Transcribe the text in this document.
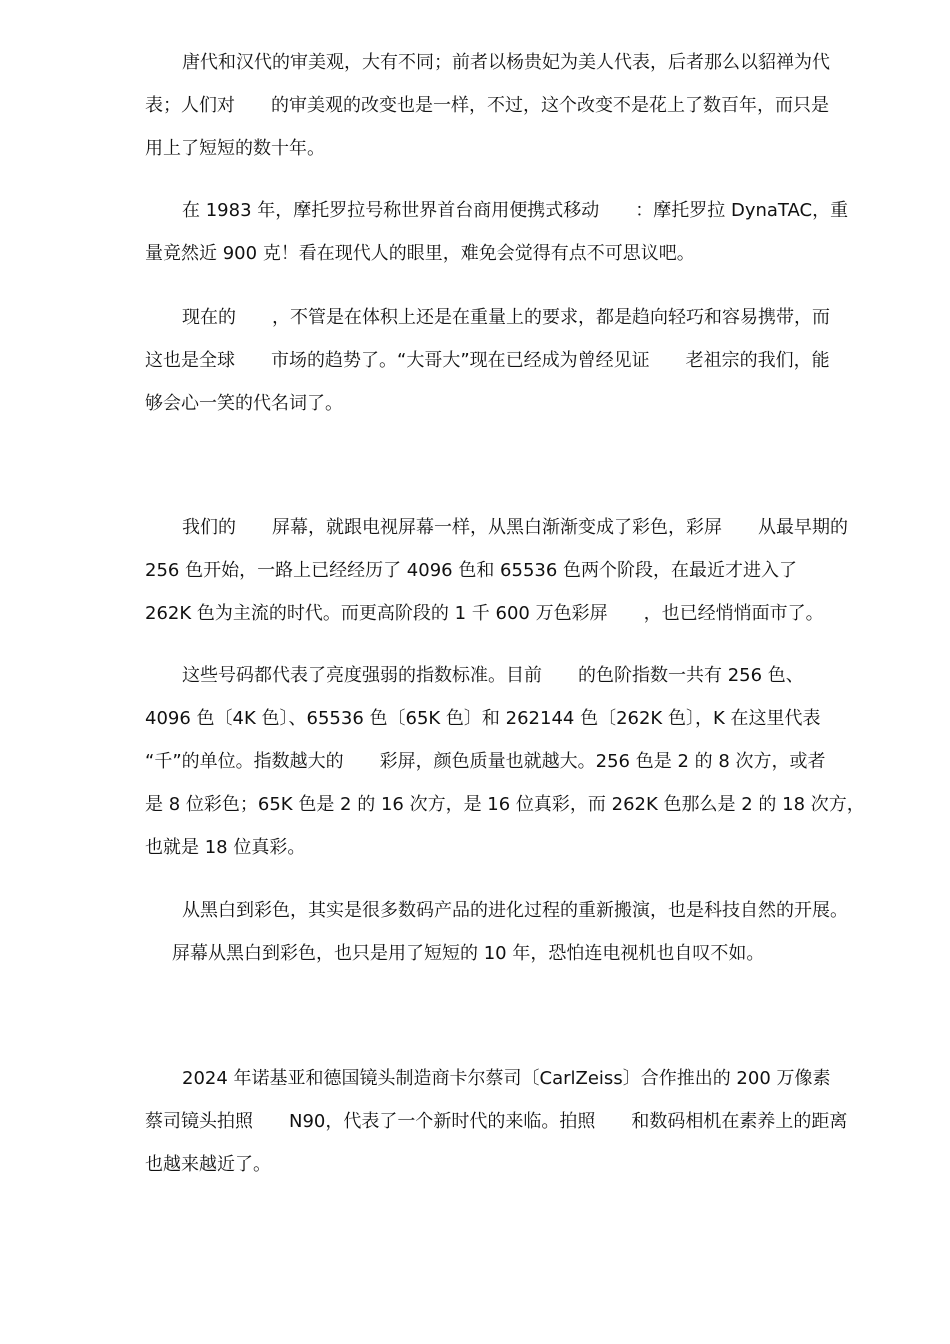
唐代和汉代的审美观，大有不同；前者以杨贵妃为美人代表，后者那么以貂禅为代
表；人们对　　的审美观的改变也是一样，不过，这个改变不是花上了数百年，而只是
用上了短短的数十年。
在 1983 年，摩托罗拉号称世界首台商用便携式移动　　：摩托罗拉 DynaTAC，重
量竟然近 900 克！看在现代人的眼里，难免会觉得有点不可思议吧。
现在的　　，不管是在体积上还是在重量上的要求，都是趋向轻巧和容易携带，而
这也是全球　　市场的趋势了。“大哥大”现在已经成为曾经见证　　老祖宗的我们，能
够会心一笑的代名词了。
我们的　　屏幕，就跟电视屏幕一样，从黑白渐渐变成了彩色，彩屏　　从最早期的
256 色开始，一路上已经经历了 4096 色和 65536 色两个阶段，在最近才进入了
262K 色为主流的时代。而更高阶段的 1 千 600 万色彩屏　　，也已经悄悄面市了。
这些号码都代表了亮度强弱的指数标准。目前　　的色阶指数一共有 256 色、
4096 色〔4K 色〕、65536 色〔65K 色〕和 262144 色〔262K 色〕，K 在这里代表
“千”的单位。指数越大的　　彩屏，颜色质量也就越大。256 色是 2 的 8 次方，或者
是 8 位彩色；65K 色是 2 的 16 次方，是 16 位真彩，而 262K 色那么是 2 的 18 次方，
也就是 18 位真彩。
从黑白到彩色，其实是很多数码产品的进化过程的重新搬演，也是科技自然的开展。
屏幕从黑白到彩色，也只是用了短短的 10 年，恐怕连电视机也自叹不如。
2024 年诺基亚和德国镜头制造商卡尔蔡司〔CarlZeiss〕合作推出的 200 万像素
蔡司镜头拍照　　N90，代表了一个新时代的来临。拍照　　和数码相机在素养上的距离
也越来越近了。
